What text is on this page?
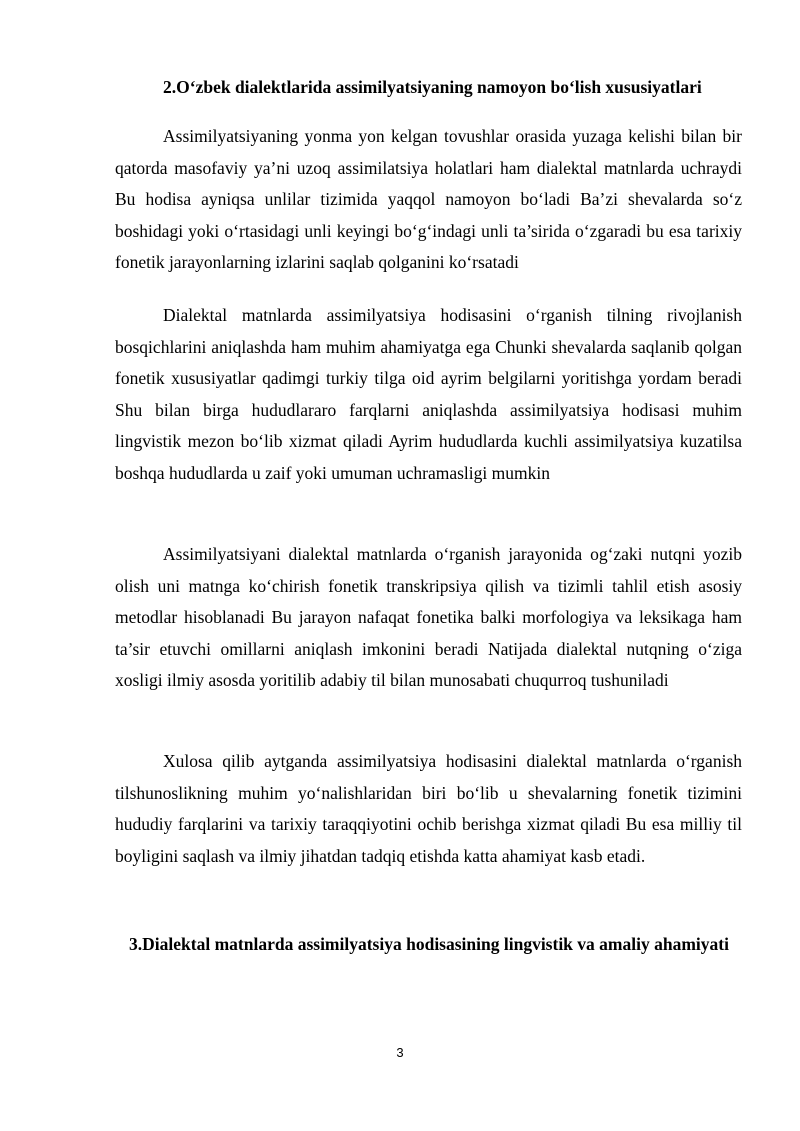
2.O‘zbek dialektlarida assimilyatsiyaning namoyon bo‘lish xususiyatlari

Assimilyatsiyaning yonma yon kelgan tovushlar orasida yuzaga kelishi bilan bir qatorda masofaviy ya’ni uzoq assimilatsiya holatlari ham dialektal matnlarda uchraydi Bu hodisa ayniqsa unlilar tizimida yaqqol namoyon bo‘ladi Ba’zi shevalarda so‘z boshidagi yoki o‘rtasidagi unli keyingi bo‘g‘indagi unli ta’sirida o‘zgaradi bu esa tarixiy fonetik jarayonlarning izlarini saqlab qolganini ko‘rsatadi

Dialektal matnlarda assimilyatsiya hodisasini o‘rganish tilning rivojlanish bosqichlarini aniqlashda ham muhim ahamiyatga ega Chunki shevalarda saqlanib qolgan fonetik xususiyatlar qadimgi turkiy tilga oid ayrim belgilarni yoritishga yordam beradi Shu bilan birga hududlararo farqlarni aniqlashda assimilyatsiya hodisasi muhim lingvistik mezon bo‘lib xizmat qiladi Ayrim hududlarda kuchli assimilyatsiya kuzatilsa boshqa hududlarda u zaif yoki umuman uchramasligi mumkin

Assimilyatsiyani dialektal matnlarda o‘rganish jarayonida og‘zaki nutqni yozib olish uni matnga ko‘chirish fonetik transkripsiya qilish va tizimli tahlil etish asosiy metodlar hisoblanadi Bu jarayon nafaqat fonetika balki morfologiya va leksikaga ham ta’sir etuvchi omillarni aniqlash imkonini beradi Natijada dialektal nutqning o‘ziga xosligi ilmiy asosda yoritilib adabiy til bilan munosabati chuqurroq tushuniladi

Xulosa qilib aytganda assimilyatsiya hodisasini dialektal matnlarda o‘rganish tilshunoslikning muhim yo‘nalishlaridan biri bo‘lib u shevalarning fonetik tizimini hududiy farqlarini va tarixiy taraqqiyotini ochib berishga xizmat qiladi Bu esa milliy til boyligini saqlash va ilmiy jihatdan tadqiq etishda katta ahamiyat kasb etadi.

3.Dialektal matnlarda assimilyatsiya hodisasining lingvistik va amaliy ahamiyati
3
